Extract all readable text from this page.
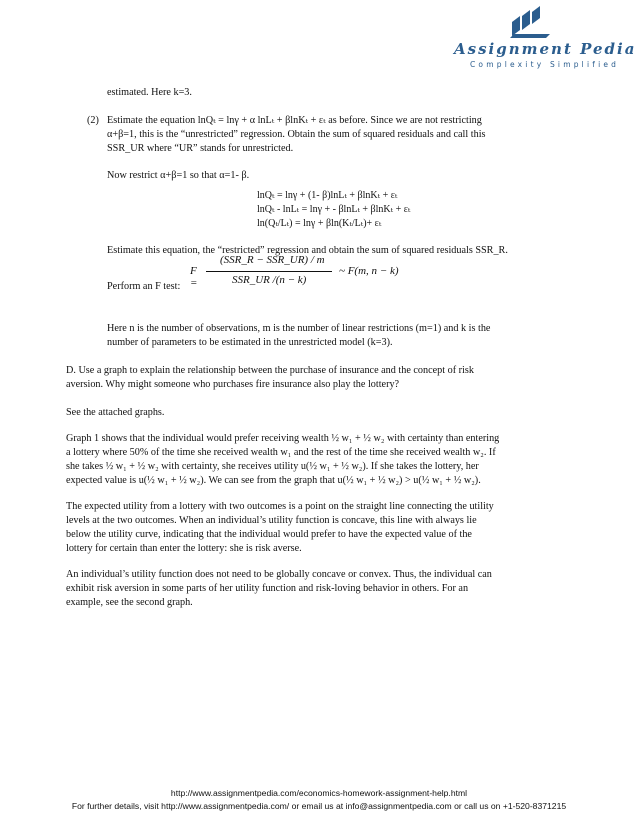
Assignment Pedia
Complexity Simplified
estimated. Here k=3.
(2) Estimate the equation lnQₜ = lnγ + α lnLₜ + βlnKₜ + εₜ as before. Since we are not restricting
α+β=1, this is the “unrestricted” regression. Obtain the sum of squared residuals and call this
SSR_UR where “UR” stands for unrestricted.
Now restrict α+β=1 so that α=1- β.
lnQₜ = lnγ + (1- β)lnLₜ + βlnKₜ + εₜ
lnQₜ - lnLₜ = lnγ + - βlnLₜ + βlnKₜ + εₜ
ln(Qₜ/Lₜ) = lnγ + βln(Kₜ/Lₜ)+ εₜ
Estimate this equation, the “restricted” regression and obtain the sum of squared residuals SSR_R.
Perform an F test:
F =
(SSR_R − SSR_UR) / m
SSR_UR /(n − k)
~ F(m, n − k)
Here n is the number of observations, m is the number of linear restrictions (m=1) and k is the
number of parameters to be estimated in the unrestricted model (k=3).
D. Use a graph to explain the relationship between the purchase of insurance and the concept of risk
aversion. Why might someone who purchases fire insurance also play the lottery?
See the attached graphs.
Graph 1 shows that the individual would prefer receiving wealth ½ w₁ + ½ w₂ with certainty than entering
a lottery where 50% of the time she received wealth w₁ and the rest of the time she received wealth w₂. If
she takes ½ w₁ + ½ w₂ with certainty, she receives utility u(½ w₁ + ½ w₂). If she takes the lottery, her
expected value is u(½ w₁ + ½ w₂). We can see from the graph that u(½ w₁ + ½ w₂) > u(½ w₁ + ½ w₂).
The expected utility from a lottery with two outcomes is a point on the straight line connecting the utility
levels at the two outcomes. When an individual’s utility function is concave, this line with always lie
below the utility curve, indicating that the individual would prefer to have the expected value of the
lottery for certain than enter the lottery: she is risk averse.
An individual’s utility function does not need to be globally concave or convex. Thus, the individual can
exhibit risk aversion in some parts of her utility function and risk-loving behavior in others. For an
example, see the second graph.
http://www.assignmentpedia.com/economics-homework-assignment-help.html
For further details, visit http://www.assignmentpedia.com/ or email us at info@assignmentpedia.com or call us on +1-520-8371215
